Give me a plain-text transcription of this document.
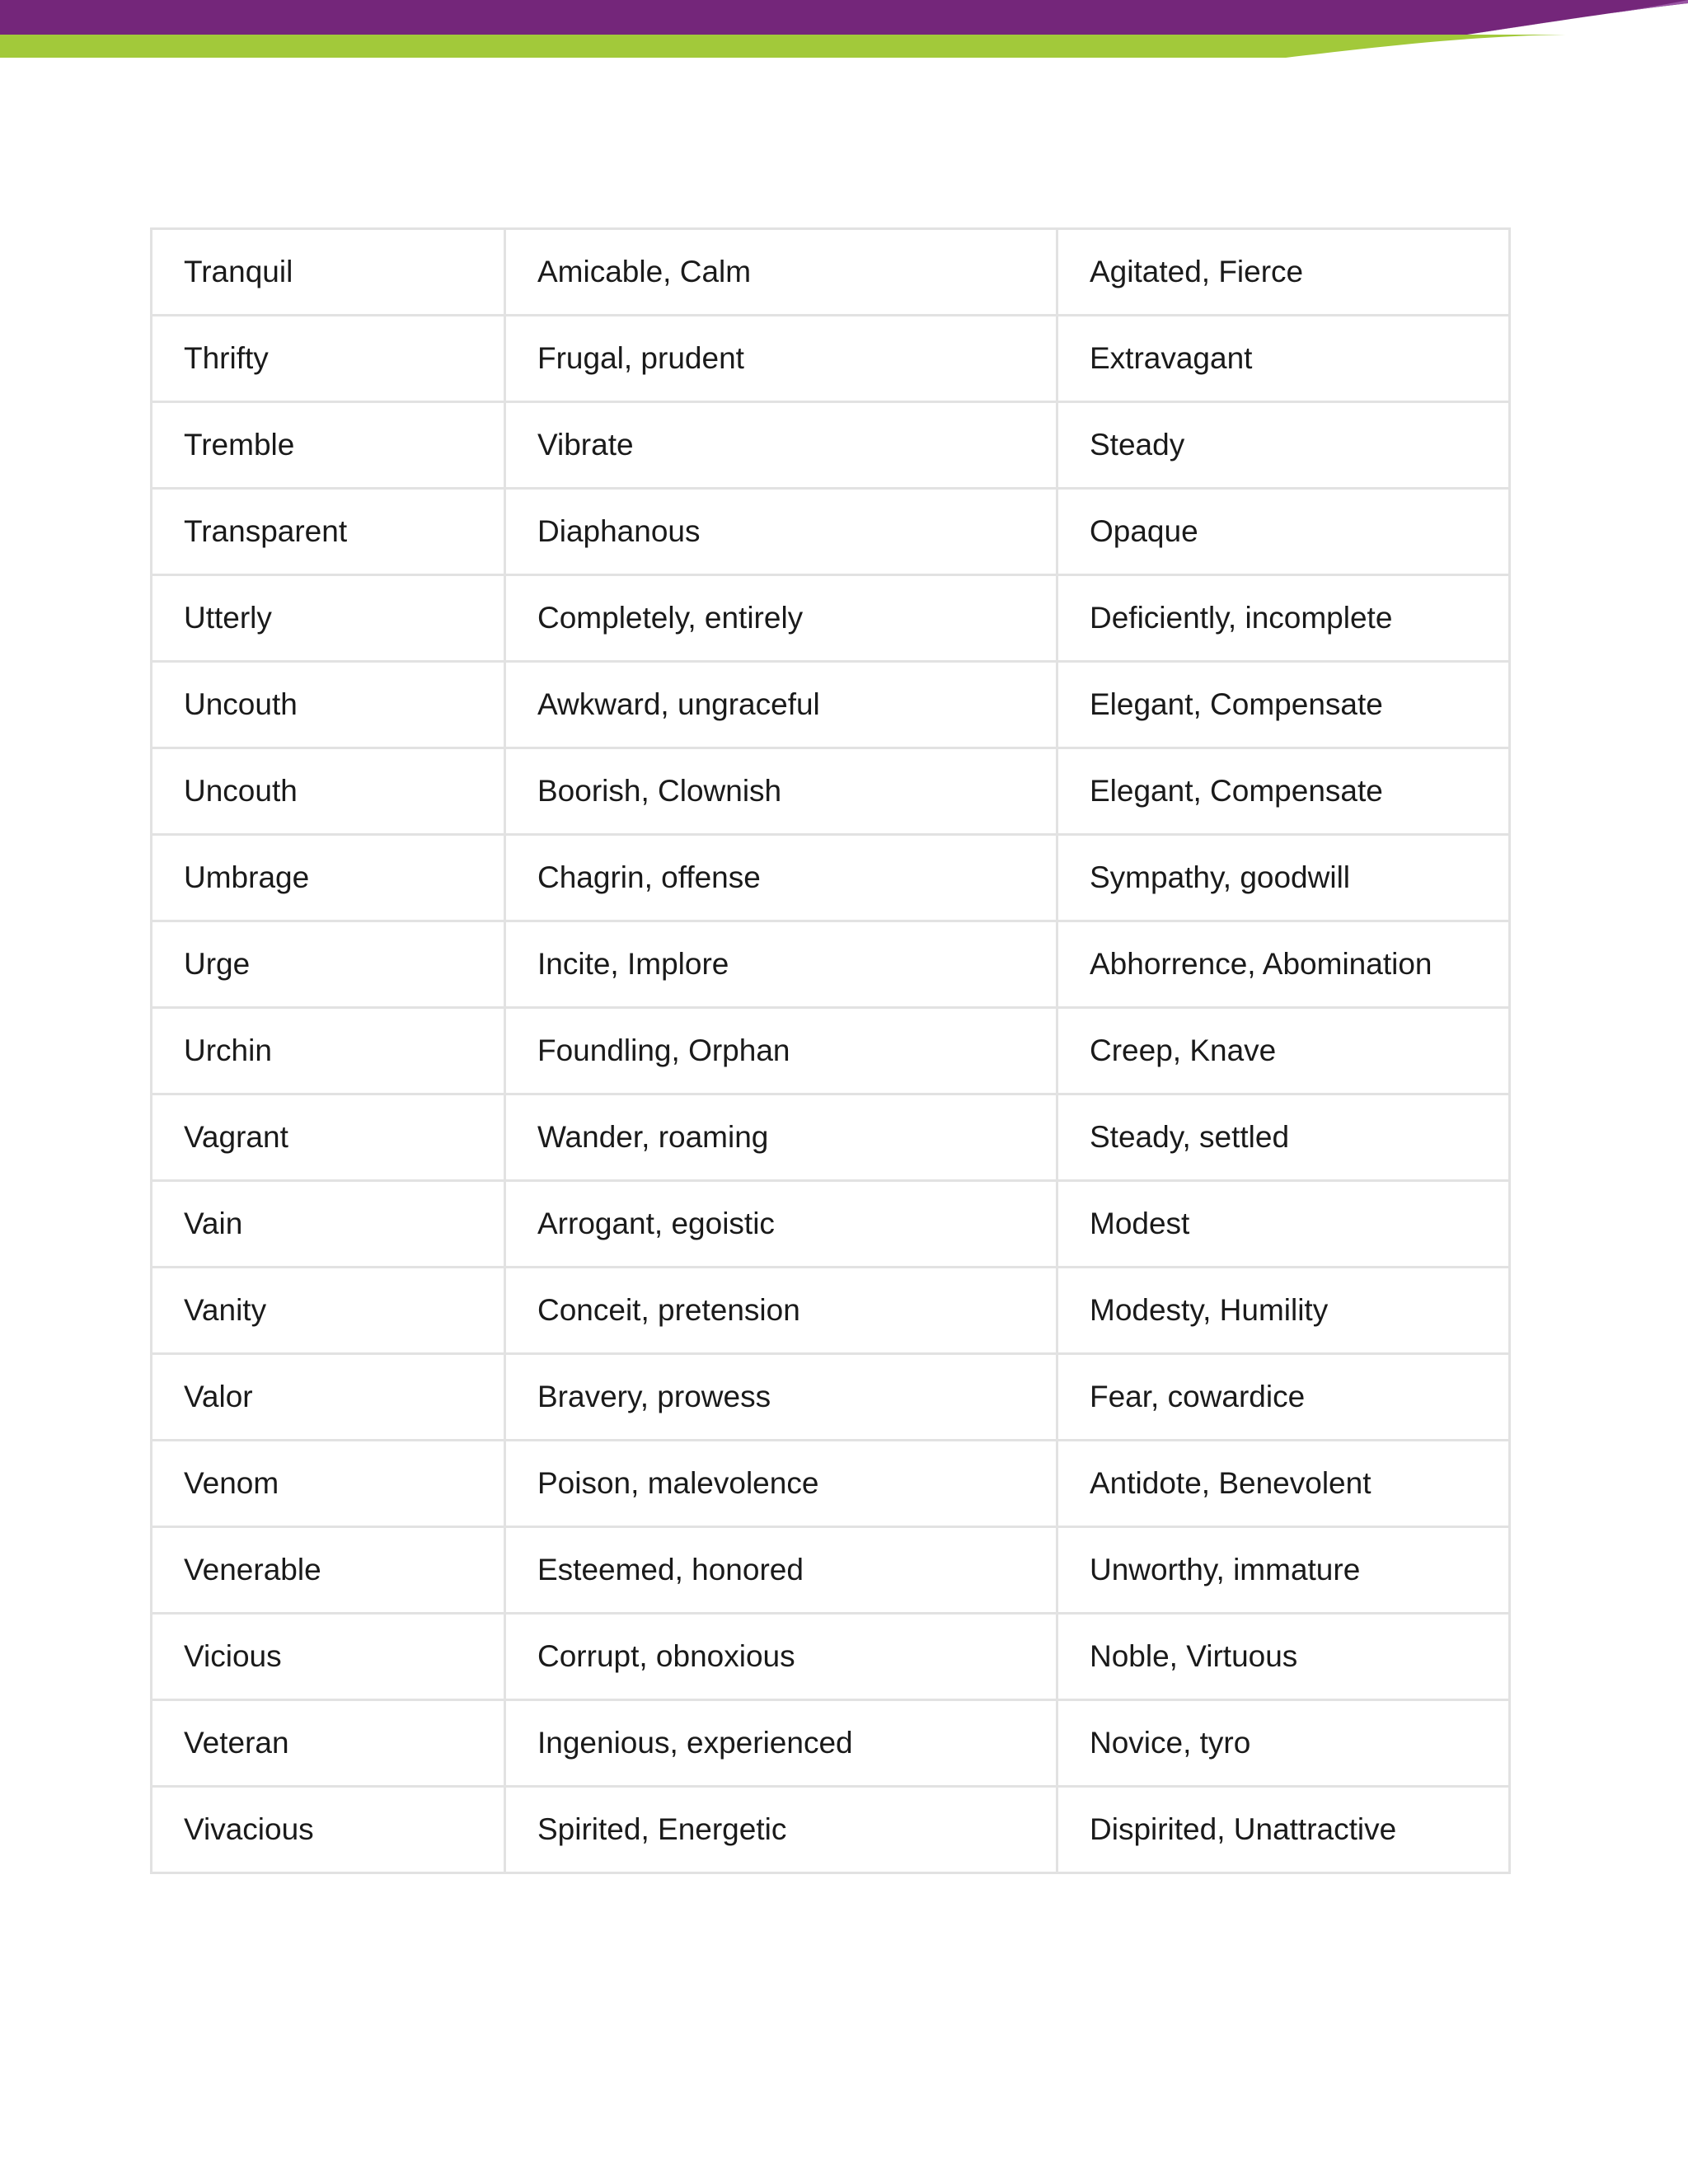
Tranquil	Amicable, Calm	Agitated, Fierce
Thrifty	Frugal, prudent	Extravagant
Tremble	Vibrate	Steady
Transparent	Diaphanous	Opaque
Utterly	Completely, entirely	Deficiently, incomplete
Uncouth	Awkward, ungraceful	Elegant, Compensate
Uncouth	Boorish, Clownish	Elegant, Compensate
Umbrage	Chagrin, offense	Sympathy, goodwill
Urge	Incite, Implore	Abhorrence, Abomination
Urchin	Foundling, Orphan	Creep, Knave
Vagrant	Wander, roaming	Steady, settled
Vain	Arrogant, egoistic	Modest
Vanity	Conceit, pretension	Modesty, Humility
Valor	Bravery, prowess	Fear, cowardice
Venom	Poison, malevolence	Antidote, Benevolent
Venerable	Esteemed, honored	Unworthy, immature
Vicious	Corrupt, obnoxious	Noble, Virtuous
Veteran	Ingenious, experienced	Novice, tyro
Vivacious	Spirited, Energetic	Dispirited, Unattractive
